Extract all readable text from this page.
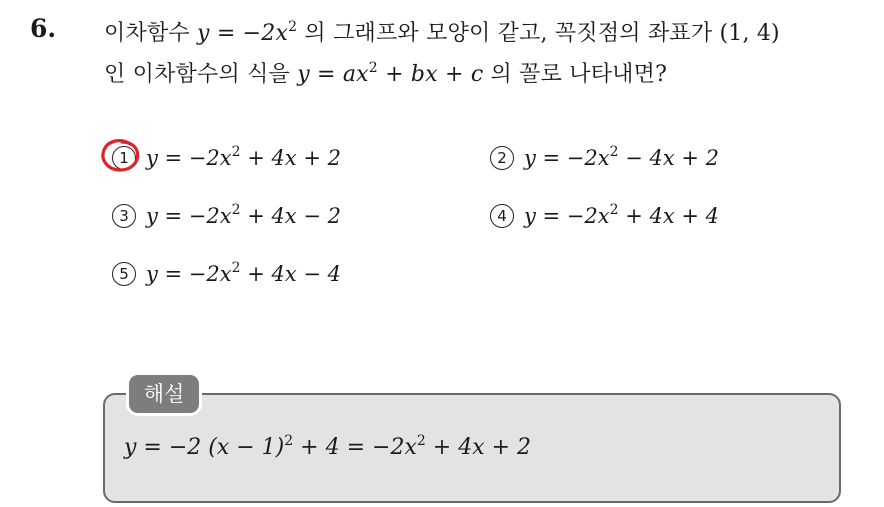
6. 이차함수 $y = -2x^2$ 의 그래프와 모양이 같고, 꼭짓점의 좌표가 (1, 4)
인 이차함수의 식을 $y = ax^2$ + bx + c 의 꼴로 나타내면?
1 $y = -2x^2 + 4x + 2$	2 $y = -2x^2 - 4x + 2$
3 $y = -2x^2 + 4x - 2$	4 $y = -2x^2 + 4x + 4$
5 $y = -2x^2 + 4x - 4$
해설
y = −2 $(x - 1)^2 + 4 = -2x^2 + 4x + 2$
